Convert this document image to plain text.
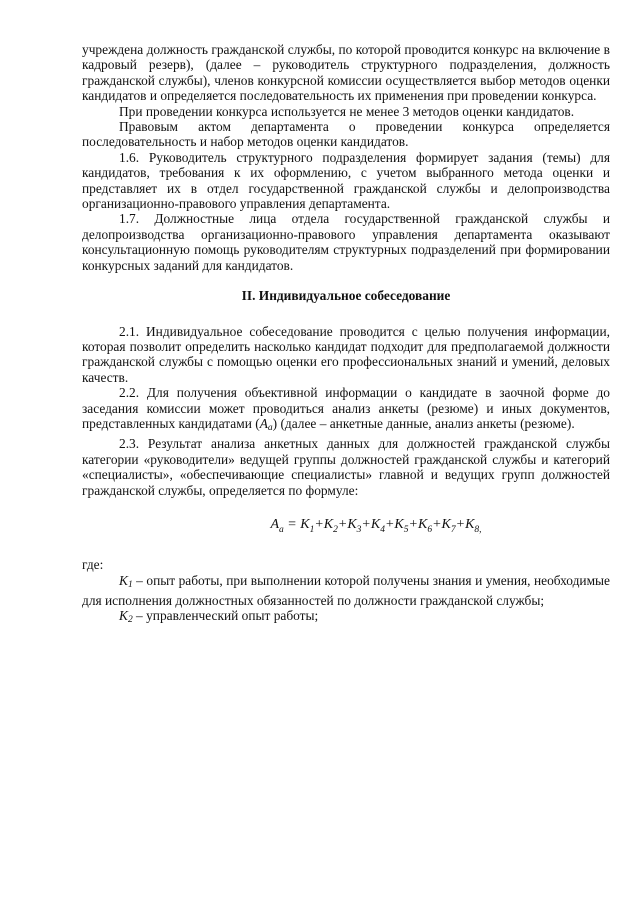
учреждена должность гражданской службы, по которой проводится конкурс на включение в кадровый резерв), (далее – руководитель структурного подразделения, должность гражданской службы), членов конкурсной комиссии осуществляется выбор методов оценки кандидатов и определяется последовательность их применения при проведении конкурса.

При проведении конкурса используется не менее 3 методов оценки кандидатов.

Правовым актом департамента о проведении конкурса определяется последовательность и набор методов оценки кандидатов.

1.6. Руководитель структурного подразделения формирует задания (темы) для кандидатов, требования к их оформлению, с учетом выбранного метода оценки и представляет их в отдел государственной гражданской службы и делопроизводства организационно-правового управления департамента.

1.7. Должностные лица отдела государственной гражданской службы и делопроизводства организационно-правового управления департамента оказывают консультационную помощь руководителям структурных подразделений при формировании конкурсных заданий для кандидатов.

II. Индивидуальное собеседование

2.1. Индивидуальное собеседование проводится с целью получения информации, которая позволит определить насколько кандидат подходит для предполагаемой должности гражданской службы с помощью оценки его профессиональных знаний и умений, деловых качеств.

2.2. Для получения объективной информации о кандидате в заочной форме до заседания комиссии может проводиться анализ анкеты (резюме) и иных документов, представленных кандидатами $(A_a)$ (далее – анкетные данные, анализ анкеты (резюме).

2.3. Результат анализа анкетных данных для должностей гражданской службы категории «руководители» ведущей группы должностей гражданской службы и категорий «специалисты», «обеспечивающие специалисты» главной и ведущих групп должностей гражданской службы, определяется по формуле:

$A_a = K_1+K_2+K_3+K_4+K_5+K_6+K_7+K_{8,}$

где:

$K_1$ – опыт работы, при выполнении которой получены знания и умения, необходимые для исполнения должностных обязанностей по должности гражданской службы;

$K_2$ – управленческий опыт работы;
